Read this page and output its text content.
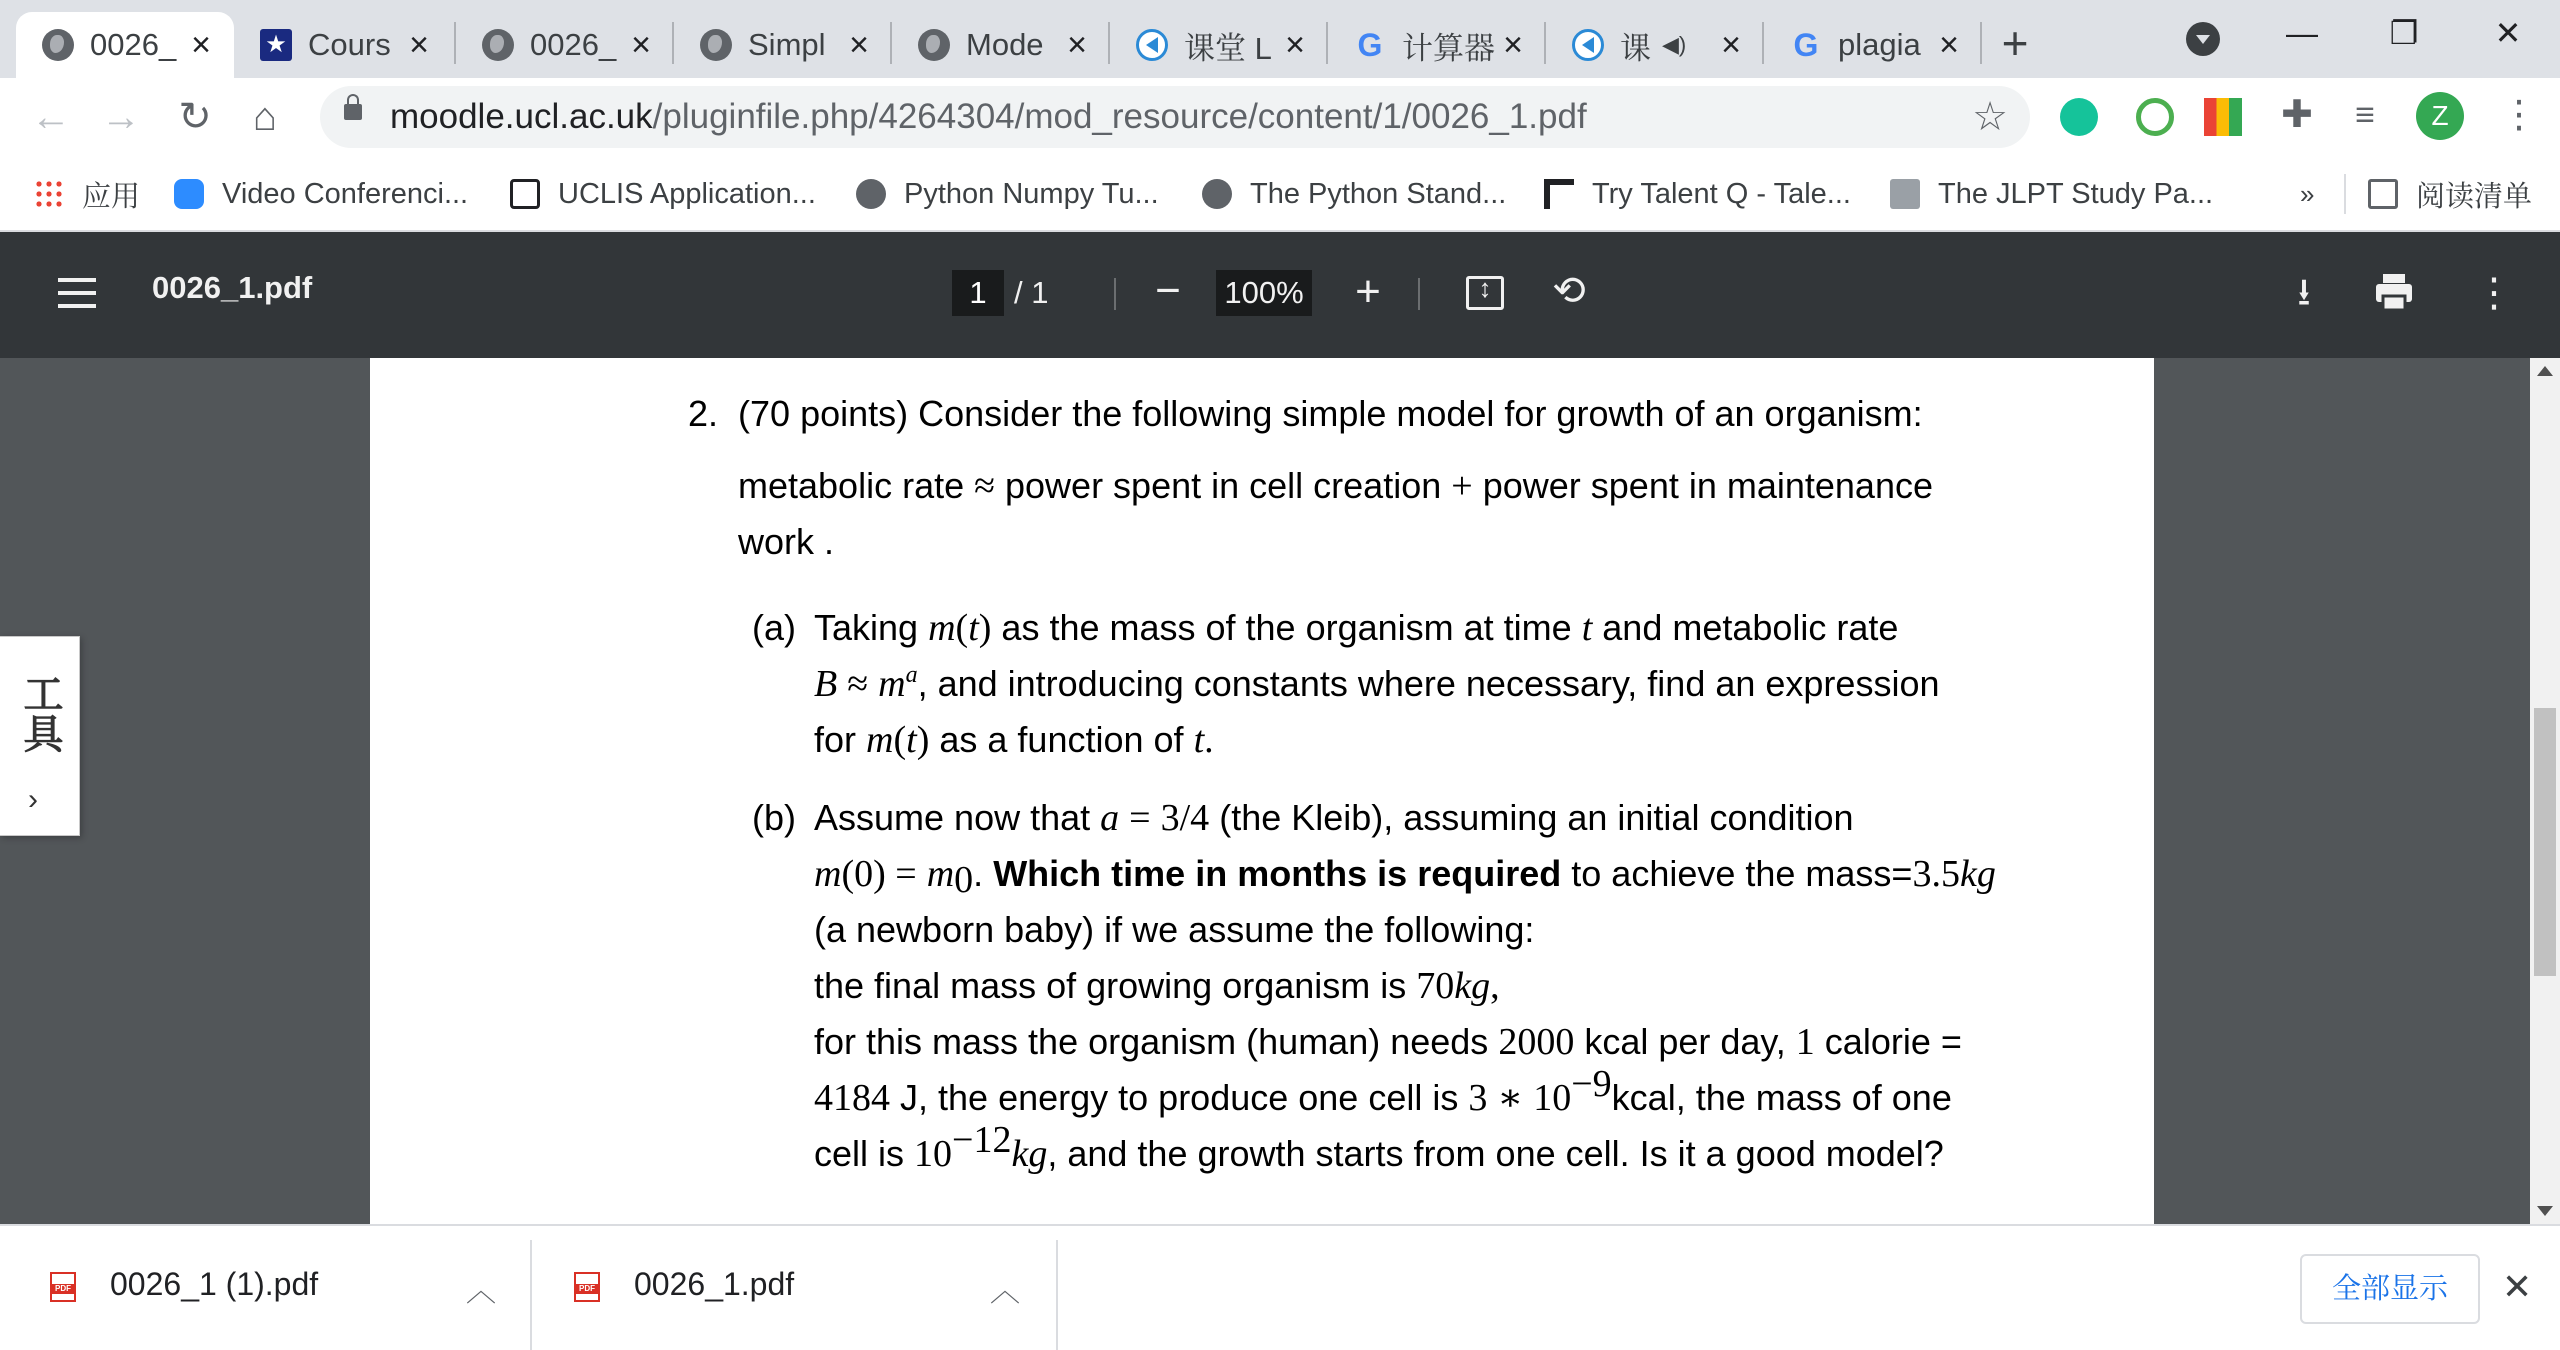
0026_ × ★ Cours ×	0026_ ×	Simpl ×	Mode ×	课堂 L × G 计算器 ×	课 ◀) × G plagia × +	—	❐	✕
← → ↻	⌂	moodle.ucl.ac.uk/pluginfile.php/4264304/mod_resource/content/1/0026_1.pdf	☆	✚ ≡	Z	⋮
应用	Video Conferenci...	UCLIS Application...	Python Numpy Tu...	The Python Stand...	Try Talent Q - Tale...	The JLPT Study Pa...	»	阅读清单
0026_1.pdf	1 / 1 − 100% + ↕	⟲	⭳	⋮
2. (70 points) Consider the following simple model for growth of an organism:
metabolic rate ≈ power spent in cell creation + power spent in maintenance
work .
(a) Taking m(t) as the mass of the organism at time t and metabolic rate
$B \approx m^a$, and introducing constants where necessary, find an expression
for m(t) as a function of t.
(b) Assume now that a = 3/4 (the Kleib), assuming an initial condition
$m(0) = m_0$. Which time in months is required to achieve the mass=3.5kg
(a newborn baby) if we assume the following:
the final mass of growing organism is 70kg,
for this mass the organism (human) needs 2000 kcal per day, 1 calorie =
4184 J, the energy to produce one cell is 3 ∗ $10^{-9}kcal$, the mass of one
cell is $10^{-12}kg$, and the growth starts from one cell. Is it a good model?
工具
›
PDF
0026_1 (1).pdf	︿ PDF	0026_1.pdf	︿	全部显示	✕
